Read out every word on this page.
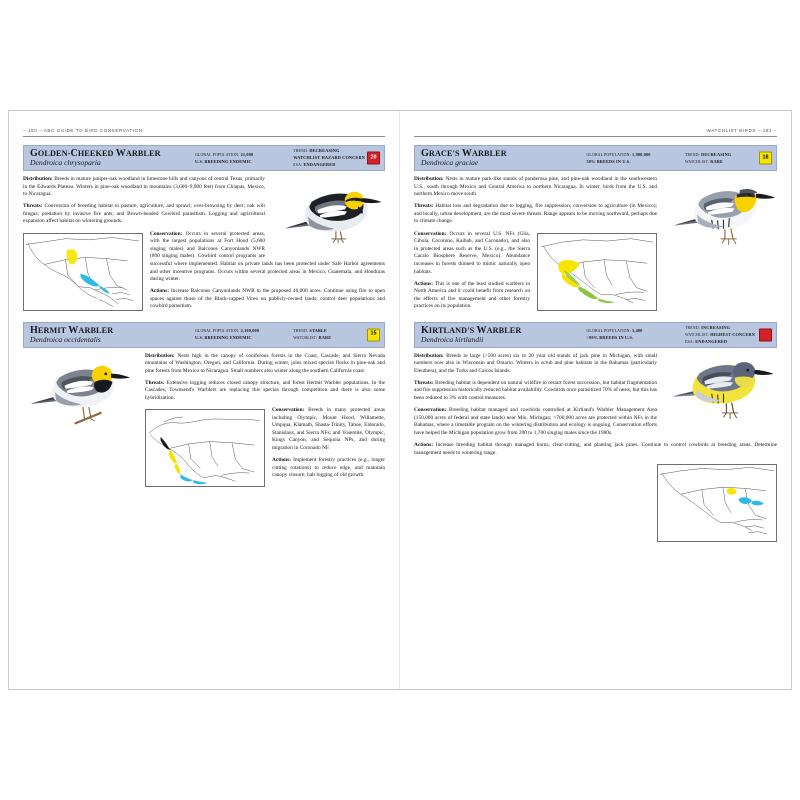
– 180 – ABC GUIDE TO BIRD CONSERVATION
GOLDEN-CHEEKED WARBLER
Dendroica chrysoparia
GLOBAL POPULATION: 21,000
U.S. BREEDING ENDEMIC
TREND: DECREASING
WATCHLIST HAZARD CONCERN
ESA: ENDANGERED
20

Distribution: Breeds in mature juniper-oak woodland in limestone hills and canyons of central Texas, primarily in the Edwards Plateau. Winters in pine-oak woodland in mountains (3,600–9,800 feet) from Chiapas, Mexico, to Nicaragua.

Threats: Conversion of breeding habitat to pasture, agriculture, and sprawl; over-browsing by deer; oak wilt fungus; predation by invasive fire ants; and Brown-headed Cowbird parasitism. Logging and agricultural expansion affect habitat on wintering grounds.

Conservation: Occurs in several protected areas, with the largest populations at Fort Hood (5,600 singing males) and Balcones Canyonlands NWR (800 singing males). Cowbird control programs are successful where implemented. Habitat on private lands has been protected under Safe Harbor agreements and other incentive programs. Occurs within several protected areas in Mexico, Guatemala, and Honduras during winter.

Actions: Increase Balcones Canyonlands NWR to the proposed 46,000 acres. Continue using fire to open spaces against those of the Black-capped Vireo on publicly-owned lands; control deer populations and cowbird parasitism.

HERMIT WARBLER
Dendroica occidentalis
GLOBAL POPULATION: 2,100,000
U.S. BREEDING ENDEMIC
TREND: STABLE
WATCHLIST: RARE
15

Distribution: Nests high in the canopy of coniferous forests in the Coast, Cascade, and Sierra Nevada mountains of Washington, Oregon, and California. During winter, joins mixed species flocks in pine-oak and pine forests from Mexico to Nicaragua. Small numbers also winter along the southern California coast.

Threats: Extensive logging reduces closed canopy structure, and forest Hermit Warbler populations. In the Cascades, Townsend's Warblers are replacing this species through competition and there is also some hybridization.

Conservation: Breeds in many protected areas including Olympic, Mount Hood, Willamette, Umpqua, Klamath, Shasta-Trinity, Tahoe, Eldorado, Stanislaus, and Sierra NFs; and Yosemite, Olympic, Kings Canyon, and Sequoia NPs, and during migration in Coronado NF.

Actions: Implement forestry practices (e.g., longer cutting rotations) to reduce edge, and maintain canopy closure; halt logging of old growth.

WATCHLIST BIRDS – 181 –
GRACE'S WARBLER
Dendroica graciae
GLOBAL POPULATION: 1,900,000
50% BREEDS IN U.S.
TREND: DECREASING
WATCHLIST: RARE
18

Distribution: Nests in mature park-like stands of ponderosa pine, and pine-oak woodland in the southwestern U.S., south through Mexico and Central America to northern Nicaragua. In winter, birds from the U.S. and northern Mexico move south.

Threats: Habitat loss and degradation due to logging, fire suppression; conversion to agriculture (in Mexico); and locally, urban development, are the most severe threats. Range appears to be moving northward, perhaps due to climate change.

Conservation: Occurs in several U.S. NFs (Gila, Cibola, Coconino, Kaibab, and Coronado), and also in protected areas such as the U.S. (e.g., the Sierra Cacalo Biosphere Reserve, Mexico). Abundance increases in forests thinned to mimic naturally open habitats.

Actions: This is one of the least studied warblers in North America and it could benefit from research on the effects of fire management and other forestry practices on its population.

KIRTLAND'S WARBLER
Dendroica kirtlandii
GLOBAL POPULATION: 3,400
>99% BREEDS IN U.S.
TREND: INCREASING
WATCHLIST: HIGHEST CONCERN
ESA: ENDANGERED

Distribution: Breeds in large (>500 acres) six to 20 year old stands of jack pine in Michigan, with small numbers now also in Wisconsin and Ontario. Winters in scrub and pine habitats in the Bahamas (particularly Eleuthera), and the Turks and Caicos Islands.

Threats: Breeding habitat is dependent on natural wildfire to restart forest succession, but habitat fragmentation and fire suppression historically reduced habitat availability. Cowbirds once parasitized 70% of nests, but this has been reduced to 3% with control measures.

Conservation: Breeding habitat managed and cowbirds controlled at Kirtland's Warbler Management Area (150,000 acres of federal and state lands) near Mio, Michigan; >700,000 acres are protected within NFs in the Bahamas, where a timetable program on the wintering distribution and ecology is ongoing. Conservation efforts have helped the Michigan population grow from 200 to 1,700 singing males since the 1980s.

Actions: Increase breeding habitat through managed burns, clear-cutting, and planting jack pines. Continue to control cowbirds at breeding areas. Determine management needs to wintering range.
